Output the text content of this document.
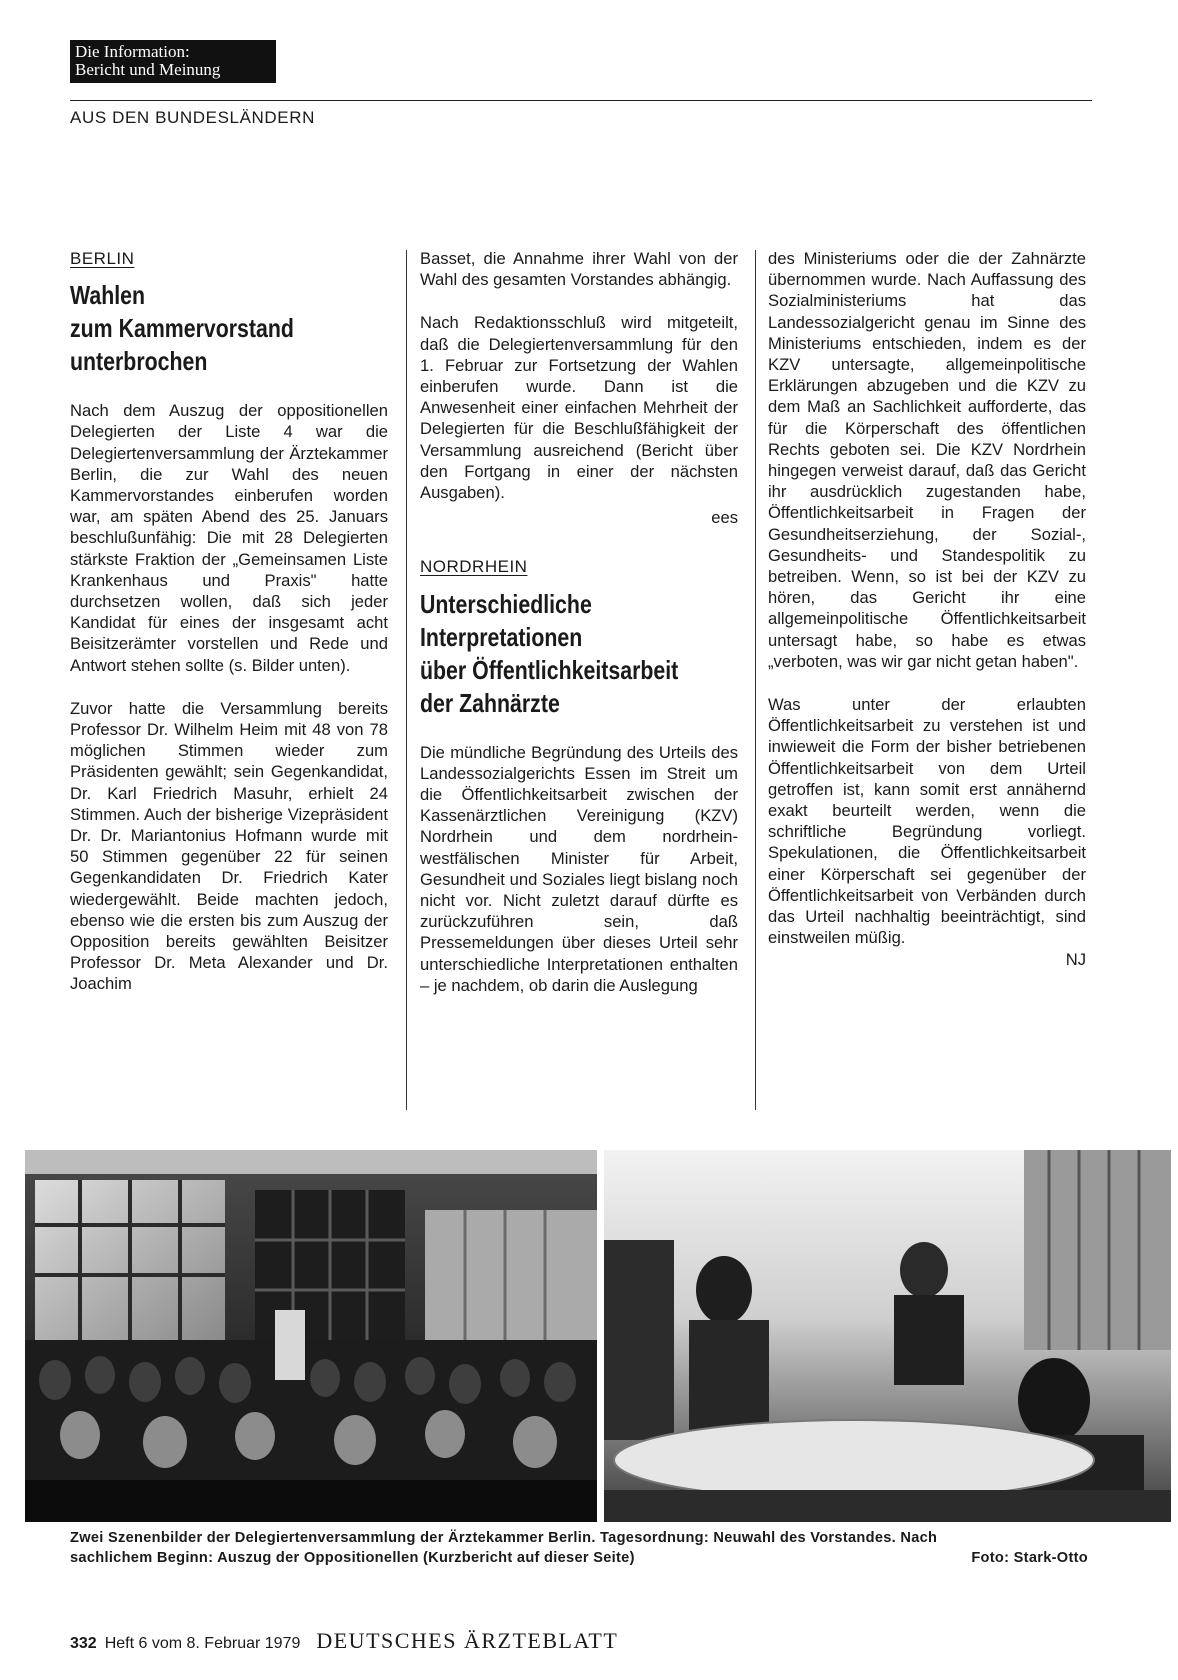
Die Information:
Bericht und Meinung
AUS DEN BUNDESLÄNDERN
BERLIN
Wahlen
zum Kammervorstand
unterbrochen

Nach dem Auszug der oppositionellen Delegierten der Liste 4 war die Delegiertenversammlung der Ärztekammer Berlin, die zur Wahl des neuen Kammervorstandes einberufen worden war, am späten Abend des 25. Januars beschlußunfähig: Die mit 28 Delegierten stärkste Fraktion der „Gemeinsamen Liste Krankenhaus und Praxis" hatte durchsetzen wollen, daß sich jeder Kandidat für eines der insgesamt acht Beisitzerämter vorstellen und Rede und Antwort stehen sollte (s. Bilder unten).

Zuvor hatte die Versammlung bereits Professor Dr. Wilhelm Heim mit 48 von 78 möglichen Stimmen wieder zum Präsidenten gewählt; sein Gegenkandidat, Dr. Karl Friedrich Masuhr, erhielt 24 Stimmen. Auch der bisherige Vizepräsident Dr. Dr. Mariantonius Hofmann wurde mit 50 Stimmen gegenüber 22 für seinen Gegenkandidaten Dr. Friedrich Kater wiedergewählt. Beide machten jedoch, ebenso wie die ersten bis zum Auszug der Opposition bereits gewählten Beisitzer Professor Dr. Meta Alexander und Dr. Joachim

Basset, die Annahme ihrer Wahl von der Wahl des gesamten Vorstandes abhängig.

Nach Redaktionsschluß wird mitgeteilt, daß die Delegiertenversammlung für den 1. Februar zur Fortsetzung der Wahlen einberufen wurde. Dann ist die Anwesenheit einer einfachen Mehrheit der Delegierten für die Beschlußfähigkeit der Versammlung ausreichend (Bericht über den Fortgang in einer der nächsten Ausgaben).

ees
NORDRHEIN
Unterschiedliche
Interpretationen
über Öffentlichkeitsarbeit
der Zahnärzte

Die mündliche Begründung des Urteils des Landessozialgerichts Essen im Streit um die Öffentlichkeitsarbeit zwischen der Kassenärztlichen Vereinigung (KZV) Nordrhein und dem nordrhein-westfälischen Minister für Arbeit, Gesundheit und Soziales liegt bislang noch nicht vor. Nicht zuletzt darauf dürfte es zurückzuführen sein, daß Pressemeldungen über dieses Urteil sehr unterschiedliche Interpretationen enthalten – je nachdem, ob darin die Auslegung

des Ministeriums oder die der Zahnärzte übernommen wurde. Nach Auffassung des Sozialministeriums hat das Landessozialgericht genau im Sinne des Ministeriums entschieden, indem es der KZV untersagte, allgemeinpolitische Erklärungen abzugeben und die KZV zu dem Maß an Sachlichkeit aufforderte, das für die Körperschaft des öffentlichen Rechts geboten sei. Die KZV Nordrhein hingegen verweist darauf, daß das Gericht ihr ausdrücklich zugestanden habe, Öffentlichkeitsarbeit in Fragen der Gesundheitserziehung, der Sozial-, Gesundheits- und Standespolitik zu betreiben. Wenn, so ist bei der KZV zu hören, das Gericht ihr eine allgemeinpolitische Öffentlichkeitsarbeit untersagt habe, so habe es etwas „verboten, was wir gar nicht getan haben".

Was unter der erlaubten Öffentlichkeitsarbeit zu verstehen ist und inwieweit die Form der bisher betriebenen Öffentlichkeitsarbeit von dem Urteil getroffen ist, kann somit erst annähernd exakt beurteilt werden, wenn die schriftliche Begründung vorliegt. Spekulationen, die Öffentlichkeitsarbeit einer Körperschaft sei gegenüber der Öffentlichkeitsarbeit von Verbänden durch das Urteil nachhaltig beeinträchtigt, sind einstweilen müßig.

NJ
Zwei Szenenbilder der Delegiertenversammlung der Ärztekammer Berlin. Tagesordnung: Neuwahl des Vorstandes. Nach
sachlichem Beginn: Auszug der Oppositionellen (Kurzbericht auf dieser Seite)	Foto: Stark-Otto
332 Heft 6 vom 8. Februar 1979 DEUTSCHES ÄRZTEBLATT
